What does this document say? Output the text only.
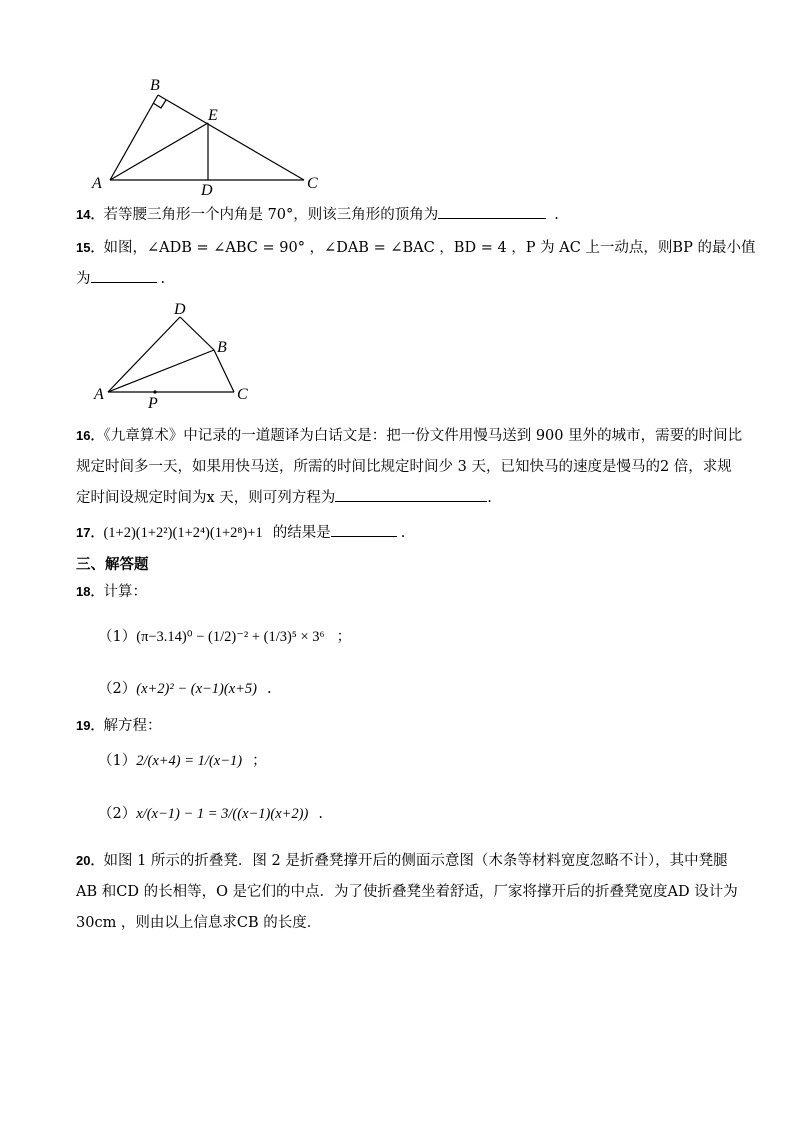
B
E
A	D	C
14．若等腰三角形一个内角是 70°，则该三角形的顶角为	.
15．如图，∠ADB = ∠ABC = 90° ，∠DAB = ∠BAC ，BD = 4 ，P 为 AC 上一动点，则BP 的最小值
为	.
D
B
A	C
P
16．《九章算术》中记录的一道题译为白话文是：把一份文件用慢马送到 900 里外的城市，需要的时间比
规定时间多一天，如果用快马送，所需的时间比规定时间少 3 天，已知快马的速度是慢马的2 倍，求规
定时间设规定时间为x 天，则可列方程为	.
17．(1+2)(1+2²)(1+2⁴)(1+2⁸)+1 的结果是	.
三、解答题
18．计算：
（1）(π−3.14)⁰ − (1/2)⁻² + (1/3)⁵ × 3⁶ ；
（2）(x+2)² − (x−1)(x+5) .
19．解方程：
（1）2/(x+4) = 1/(x−1) ；
（2）x/(x−1) − 1 = 3/((x−1)(x+2)) .
20．如图 1 所示的折叠凳．图 2 是折叠凳撑开后的侧面示意图（木条等材料宽度忽略不计），其中凳腿
AB 和CD 的长相等，O 是它们的中点．为了使折叠凳坐着舒适，厂家将撑开后的折叠凳宽度AD 设计为
30cm ，则由以上信息求CB 的长度．
